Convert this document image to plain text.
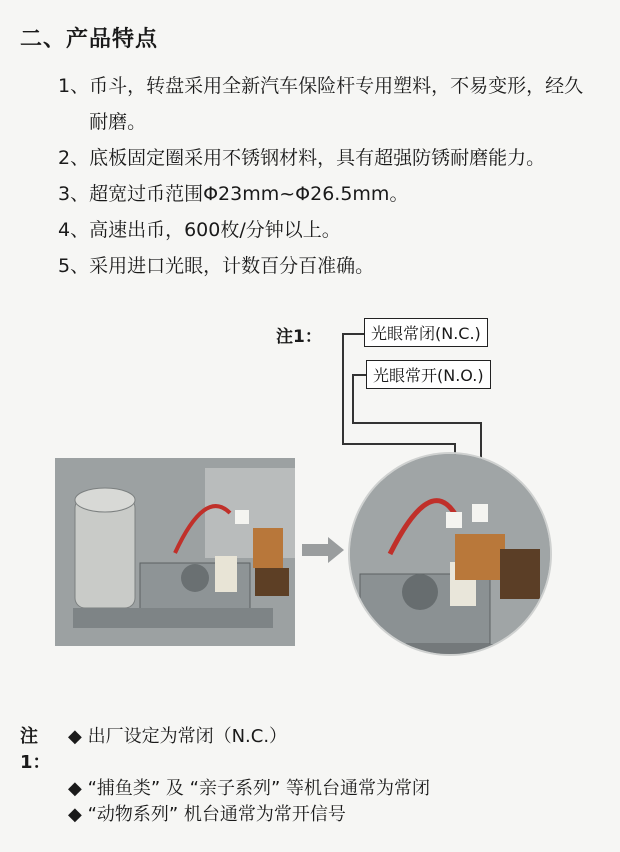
二、产品特点
1、 币斗，转盘采用全新汽车保险杆专用塑料，不易变形，经久耐磨。
2、 底板固定圈采用不锈钢材料，具有超强防锈耐磨能力。
3、 超宽过币范围Φ23mm~Φ26.5mm。
4、 高速出币，600枚/分钟以上。
5、 采用进口光眼，计数百分百准确。
注1：	光眼常闭(N.C.)
光眼常开(N.O.)
注1：
◆ 出厂设定为常闭（N.C.）
◆ “捕鱼类” 及 “亲子系列” 等机台通常为常闭
◆ “动物系列” 机台通常为常开信号
